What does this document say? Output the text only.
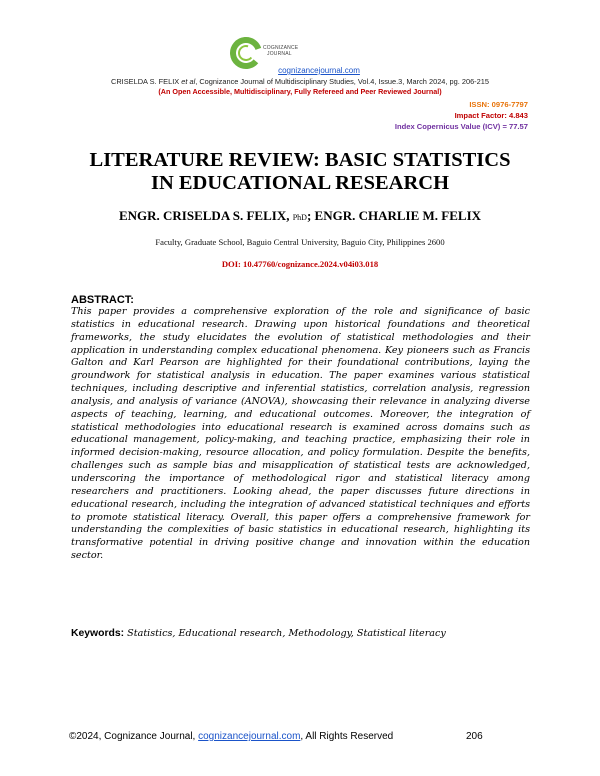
COGNIZANCE
JOURNAL
cognizancejournal.com
CRISELDA S. FELIX et al, Cognizance Journal of Multidisciplinary Studies, Vol.4, Issue.3, March 2024, pg. 206-215
(An Open Accessible, Multidisciplinary, Fully Refereed and Peer Reviewed Journal)
ISSN: 0976-7797
Impact Factor: 4.843
Index Copernicus Value (ICV) = 77.57
LITERATURE REVIEW: BASIC STATISTICS
IN EDUCATIONAL RESEARCH
ENGR. CRISELDA S. FELIX, PhD; ENGR. CHARLIE M. FELIX
Faculty, Graduate School, Baguio Central University, Baguio City, Philippines 2600
DOI: 10.47760/cognizance.2024.v04i03.018
ABSTRACT:
This paper provides a comprehensive exploration of the role and significance of basic statistics in educational research. Drawing upon historical foundations and theoretical frameworks, the study elucidates the evolution of statistical methodologies and their application in understanding complex educational phenomena. Key pioneers such as Francis Galton and Karl Pearson are highlighted for their foundational contributions, laying the groundwork for statistical analysis in education. The paper examines various statistical techniques, including descriptive and inferential statistics, correlation analysis, regression analysis, and analysis of variance (ANOVA), showcasing their relevance in analyzing diverse aspects of teaching, learning, and educational outcomes. Moreover, the integration of statistical methodologies into educational research is examined across domains such as educational management, policy-making, and teaching practice, emphasizing their role in informed decision-making, resource allocation, and policy formulation. Despite the benefits, challenges such as sample bias and misapplication of statistical tests are acknowledged, underscoring the importance of methodological rigor and statistical literacy among researchers and practitioners. Looking ahead, the paper discusses future directions in educational research, including the integration of advanced statistical techniques and efforts to promote statistical literacy. Overall, this paper offers a comprehensive framework for understanding the complexities of basic statistics in educational research, highlighting its transformative potential in driving positive change and innovation within the education sector.
Keywords: Statistics, Educational research, Methodology, Statistical literacy
©2024, Cognizance Journal, cognizancejournal.com, All Rights Reserved	206
